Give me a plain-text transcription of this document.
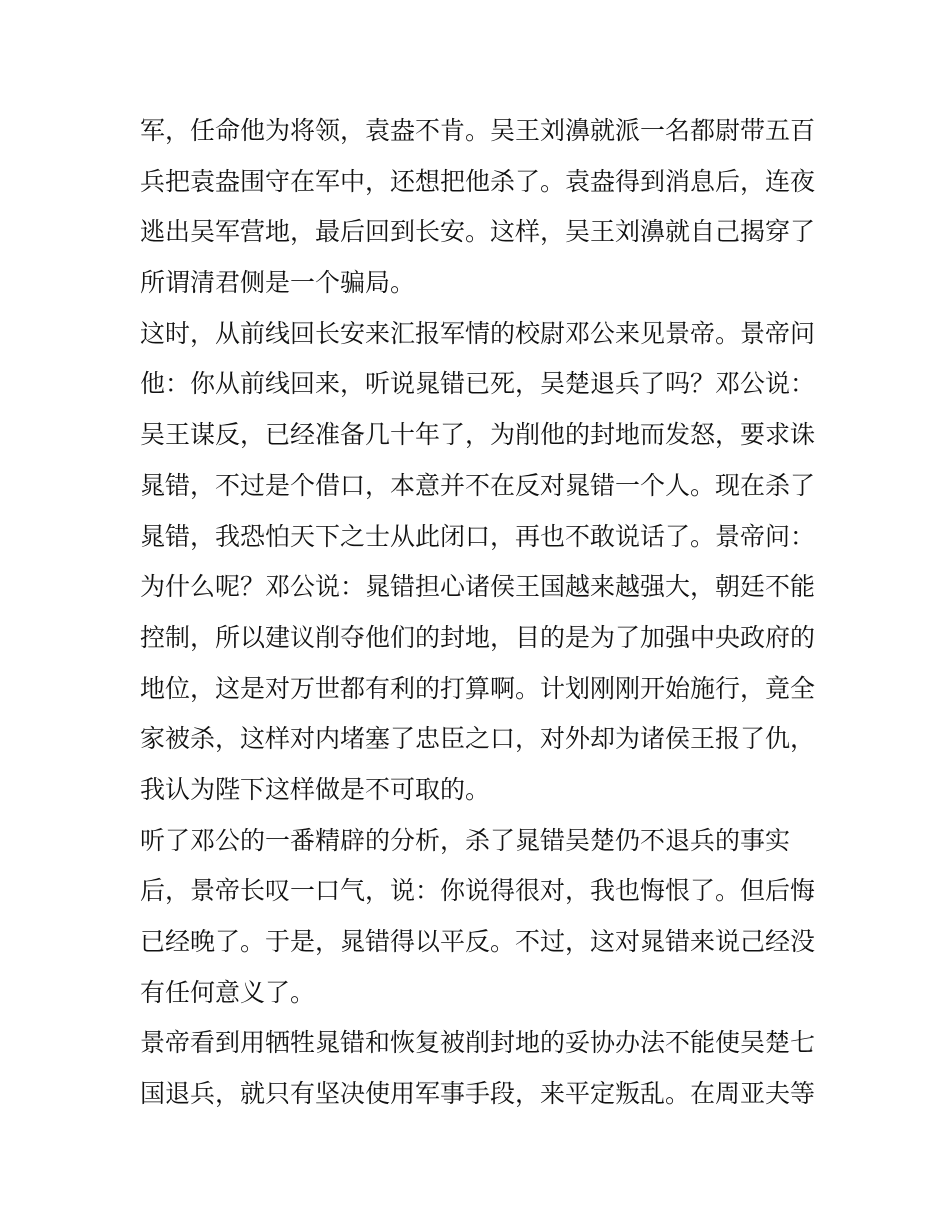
军，任命他为将领，袁盎不肯。吴王刘濞就派一名都尉带五百
兵把袁盎围守在军中，还想把他杀了。袁盎得到消息后，连夜
逃出吴军营地，最后回到长安。这样，吴王刘濞就自己揭穿了
所谓清君侧是一个骗局。
这时，从前线回长安来汇报军情的校尉邓公来见景帝。景帝问
他：你从前线回来，听说晁错已死，吴楚退兵了吗？邓公说：
吴王谋反，已经准备几十年了，为削他的封地而发怒，要求诛
晁错，不过是个借口，本意并不在反对晁错一个人。现在杀了
晁错，我恐怕天下之士从此闭口，再也不敢说话了。景帝问：
为什么呢？邓公说：晁错担心诸侯王国越来越强大，朝廷不能
控制，所以建议削夺他们的封地，目的是为了加强中央政府的
地位，这是对万世都有利的打算啊。计划刚刚开始施行，竟全
家被杀，这样对内堵塞了忠臣之口，对外却为诸侯王报了仇，
我认为陛下这样做是不可取的。
听了邓公的一番精辟的分析，杀了晁错吴楚仍不退兵的事实
后，景帝长叹一口气，说：你说得很对，我也悔恨了。但后悔
已经晚了。于是，晁错得以平反。不过，这对晁错来说己经没
有任何意义了。
景帝看到用牺牲晁错和恢复被削封地的妥协办法不能使吴楚七
国退兵，就只有坚决使用军事手段，来平定叛乱。在周亚夫等
